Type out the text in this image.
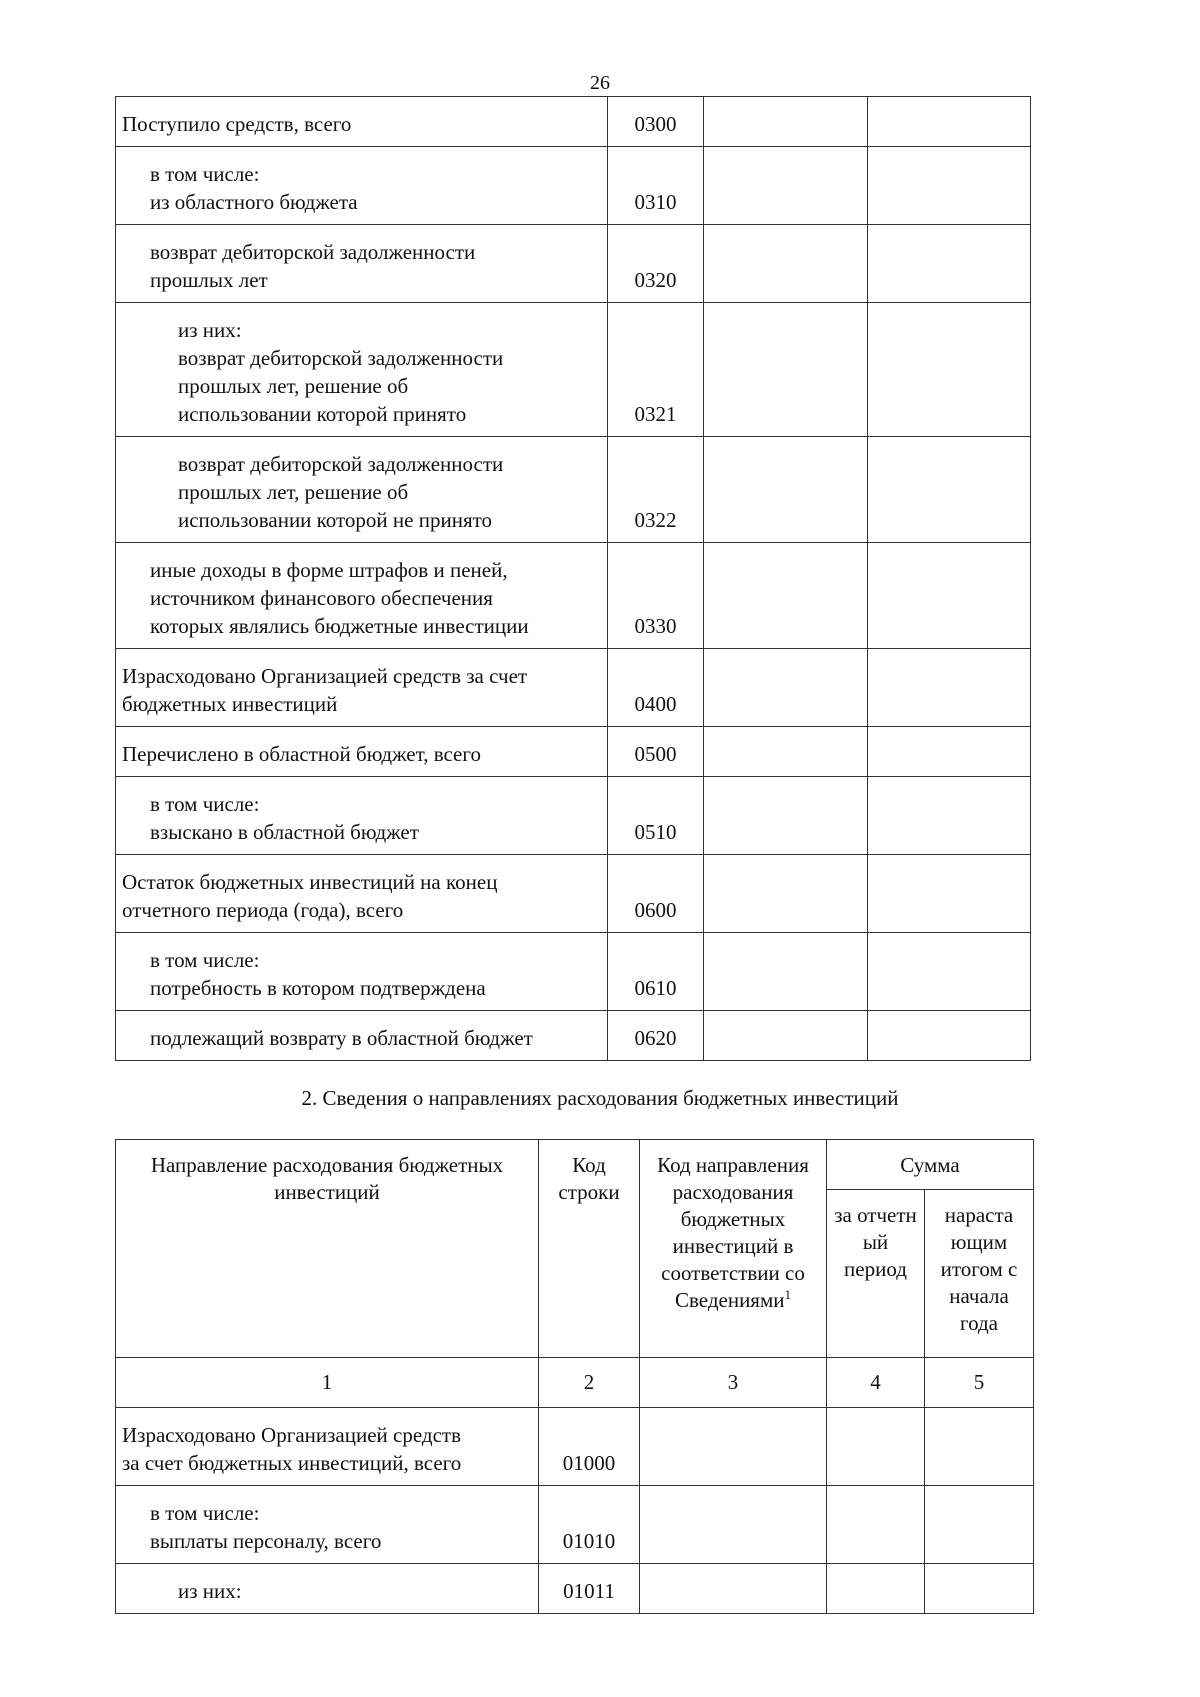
26
Поступило средств, всего	0300		
в том числе:
из областного бюджета	0310		
возврат дебиторской задолженности
прошлых лет	0320		
из них:
возврат дебиторской задолженности
прошлых лет, решение об
использовании которой принято	0321		
возврат дебиторской задолженности
прошлых лет, решение об
использовании которой не принято	0322		
иные доходы в форме штрафов и пеней,
источником финансового обеспечения
которых являлись бюджетные инвестиции	0330		
Израсходовано Организацией средств за счет
бюджетных инвестиций	0400		
Перечислено в областной бюджет, всего	0500		
в том числе:
взыскано в областной бюджет	0510		
Остаток бюджетных инвестиций на конец
отчетного периода (года), всего	0600		
в том числе:
потребность в котором подтверждена	0610		
подлежащий возврату в областной бюджет	0620		
2. Сведения о направлениях расходования бюджетных инвестиций
Направление расходования бюджетных инвестиций	Код строки	Код направления расходования бюджетных инвестиций в соответствии со Сведениями$^1$	Сумма	
			за отчетн ый период	нараста ющим итогом с начала года
1	2	3	4	5
Израсходовано Организацией средств
за счет бюджетных инвестиций, всего	01000			
в том числе:
выплаты персоналу, всего	01010			
из них:	01011			
